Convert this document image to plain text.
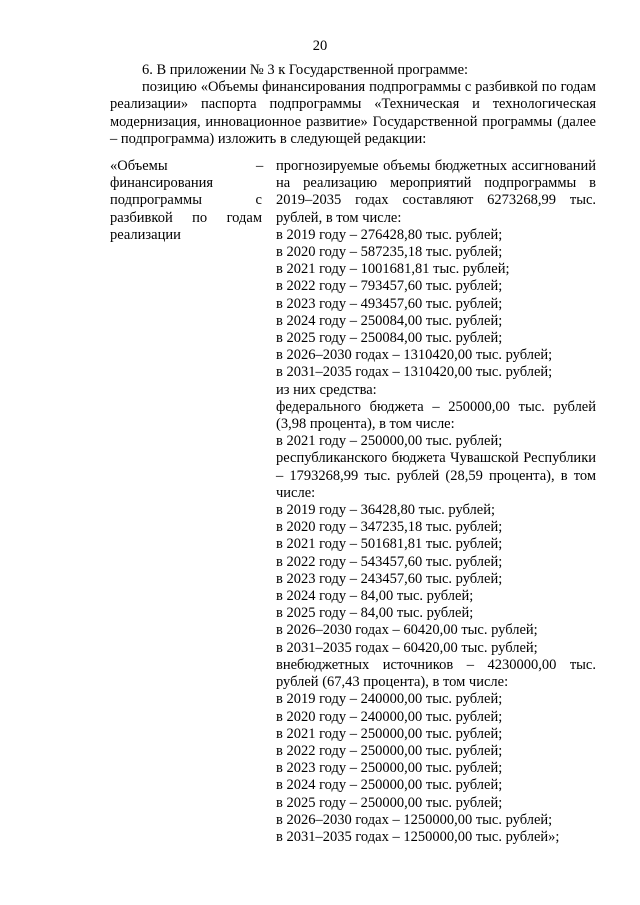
20

6. В приложении № 3 к Государственной программе:

позицию «Объемы финансирования подпрограммы с разбивкой по годам реализации» паспорта подпрограммы «Техническая и технологическая модернизация, инновационное развитие» Государственной программы (далее – подпрограмма) изложить в следующей редакции:

«Объемы финансирования подпрограммы с разбивкой по годам реализации
– прогнозируемые объемы бюджетных ассигнований на реализацию мероприятий подпрограммы в 2019–2035 годах составляют 6273268,99 тыс. рублей, в том числе:
в 2019 году – 276428,80 тыс. рублей;
в 2020 году – 587235,18 тыс. рублей;
в 2021 году – 1001681,81 тыс. рублей;
в 2022 году – 793457,60 тыс. рублей;
в 2023 году – 493457,60 тыс. рублей;
в 2024 году – 250084,00 тыс. рублей;
в 2025 году – 250084,00 тыс. рублей;
в 2026–2030 годах – 1310420,00 тыс. рублей;
в 2031–2035 годах – 1310420,00 тыс. рублей;
из них средства:
федерального бюджета – 250000,00 тыс. рублей (3,98 процента), в том числе:
в 2021 году – 250000,00 тыс. рублей;
республиканского бюджета Чувашской Республики – 1793268,99 тыс. рублей (28,59 процента), в том числе:
в 2019 году – 36428,80 тыс. рублей;
в 2020 году – 347235,18 тыс. рублей;
в 2021 году – 501681,81 тыс. рублей;
в 2022 году – 543457,60 тыс. рублей;
в 2023 году – 243457,60 тыс. рублей;
в 2024 году – 84,00 тыс. рублей;
в 2025 году – 84,00 тыс. рублей;
в 2026–2030 годах – 60420,00 тыс. рублей;
в 2031–2035 годах – 60420,00 тыс. рублей;
внебюджетных источников – 4230000,00 тыс. рублей (67,43 процента), в том числе:
в 2019 году – 240000,00 тыс. рублей;
в 2020 году – 240000,00 тыс. рублей;
в 2021 году – 250000,00 тыс. рублей;
в 2022 году – 250000,00 тыс. рублей;
в 2023 году – 250000,00 тыс. рублей;
в 2024 году – 250000,00 тыс. рублей;
в 2025 году – 250000,00 тыс. рублей;
в 2026–2030 годах – 1250000,00 тыс. рублей;
в 2031–2035 годах – 1250000,00 тыс. рублей»;
